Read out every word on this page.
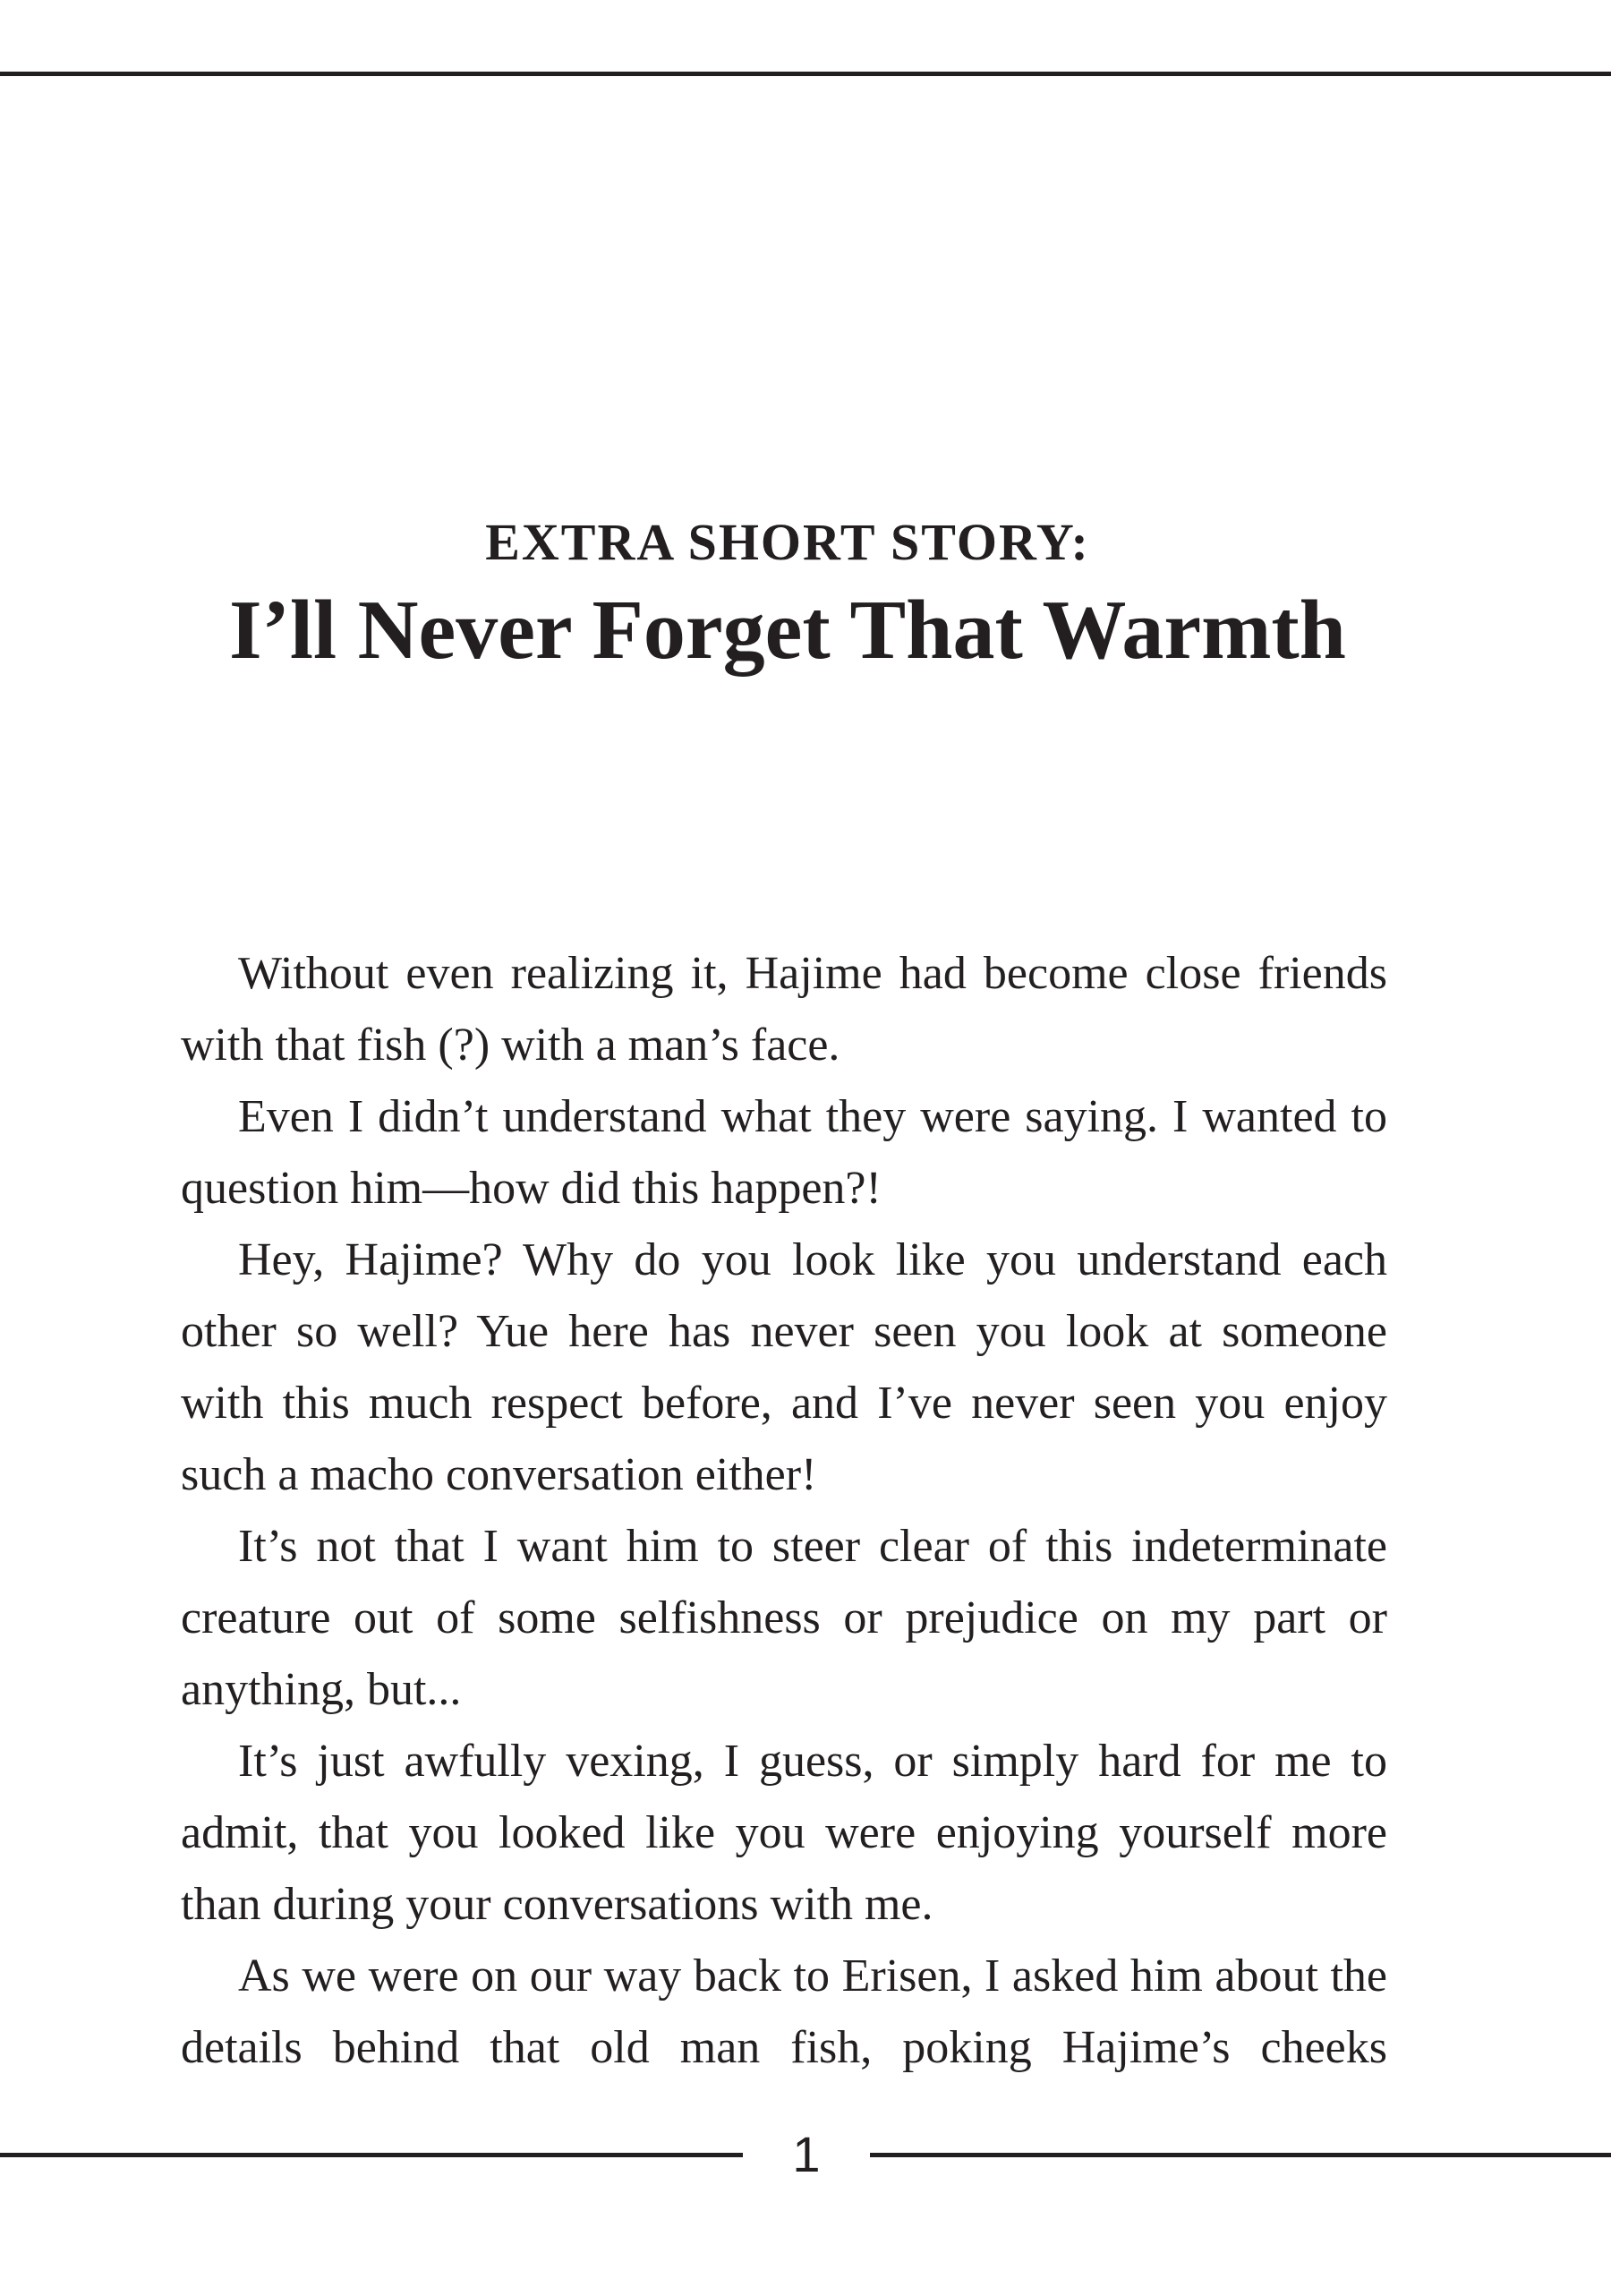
EXTRA SHORT STORY:
I’ll Never Forget That Warmth

Without even realizing it, Hajime had become close friends with that fish (?) with a man’s face.

Even I didn’t understand what they were saying. I wanted to question him—how did this happen?!

Hey, Hajime? Why do you look like you understand each other so well? Yue here has never seen you look at someone with this much respect before, and I’ve never seen you enjoy such a macho conversation either!

It’s not that I want him to steer clear of this indeterminate creature out of some selfishness or prejudice on my part or anything, but...

It’s just awfully vexing, I guess, or simply hard for me to admit, that you looked like you were enjoying yourself more than during your conversations with me.

As we were on our way back to Erisen, I asked him about the details behind that old man fish, poking Hajime’s cheeks

1
